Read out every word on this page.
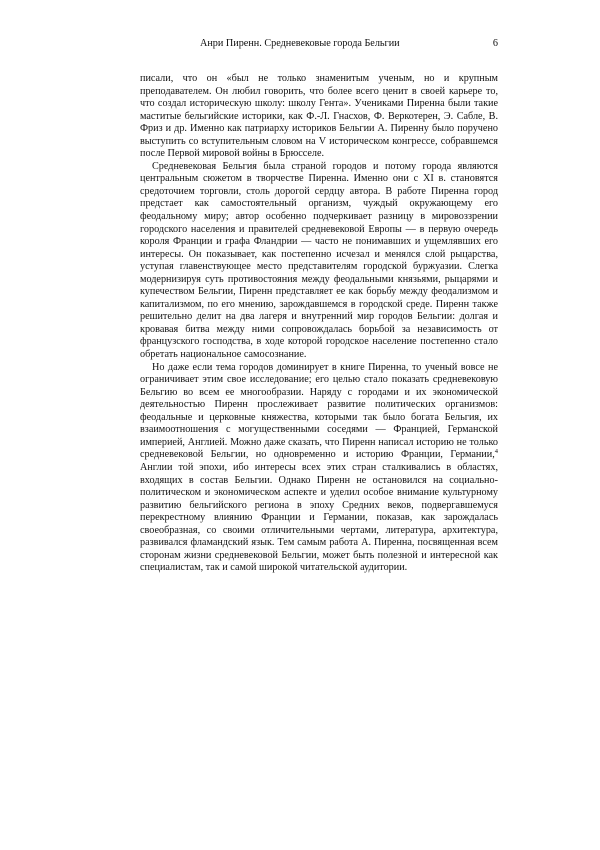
Анри Пиренн. Средневековые города Бельгии	6

писали, что он «был не только знаменитым ученым, но и крупным преподавателем. Он любил говорить, что более всего ценит в своей карьере то, что создал историческую школу: школу Гента». Учениками Пиренна были такие маститые бельгийские историки, как Ф.-Л. Гнасхов, Ф. Веркотерен, Э. Сабле, В. Фриз и др. Именно как патриарху историков Бельгии А. Пиренну было поручено выступить со вступительным словом на V историческом конгрессе, собравшемся после Первой мировой войны в Брюсселе.

Средневековая Бельгия была страной городов и потому города являются центральным сюжетом в творчестве Пиренна. Именно они с XI в. становятся средоточием торговли, столь дорогой сердцу автора. В работе Пиренна город предстает как самостоятельный организм, чуждый окружающему его феодальному миру; автор особенно подчеркивает разницу в мировоззрении городского населения и правителей средневековой Европы — в первую очередь короля Франции и графа Фландрии — часто не понимавших и ущемлявших его интересы. Он показывает, как постепенно исчезал и менялся слой рыцарства, уступая главенствующее место представителям городской буржуазии. Слегка модернизируя суть противостояния между феодальными князьями, рыцарями и купечеством Бельгии, Пиренн представляет ее как борьбу между феодализмом и капитализмом, по его мнению, зарождавшемся в городской среде. Пиренн также решительно делит на два лагеря и внутренний мир городов Бельгии: долгая и кровавая битва между ними сопровождалась борьбой за независимость от французского господства, в ходе которой городское население постепенно стало обретать национальное самосознание.

Но даже если тема городов доминирует в книге Пиренна, то ученый вовсе не ограничивает этим свое исследование; его целью стало показать средневековую Бельгию во всем ее многообразии. Наряду с городами и их экономической деятельностью Пиренн прослеживает развитие политических организмов: феодальные и церковные княжества, которыми так было богата Бельгия, их взаимоотношения с могущественными соседями — Францией, Германской империей, Англией. Можно даже сказать, что Пиренн написал историю не только средневековой Бельгии, но одновременно и историю Франции, Германии,$^4$ Англии той эпохи, ибо интересы всех этих стран сталкивались в областях, входящих в состав Бельгии. Однако Пиренн не остановился на социально-политическом и экономическом аспекте и уделил особое внимание культурному развитию бельгийского региона в эпоху Средних веков, подвергавшемуся перекрестному влиянию Франции и Германии, показав, как зарождалась своеобразная, со своими отличительными чертами, литература, архитектура, развивался фламандский язык. Тем самым работа А. Пиренна, посвященная всем сторонам жизни средневековой Бельгии, может быть полезной и интересной как специалистам, так и самой широкой читательской аудитории.
